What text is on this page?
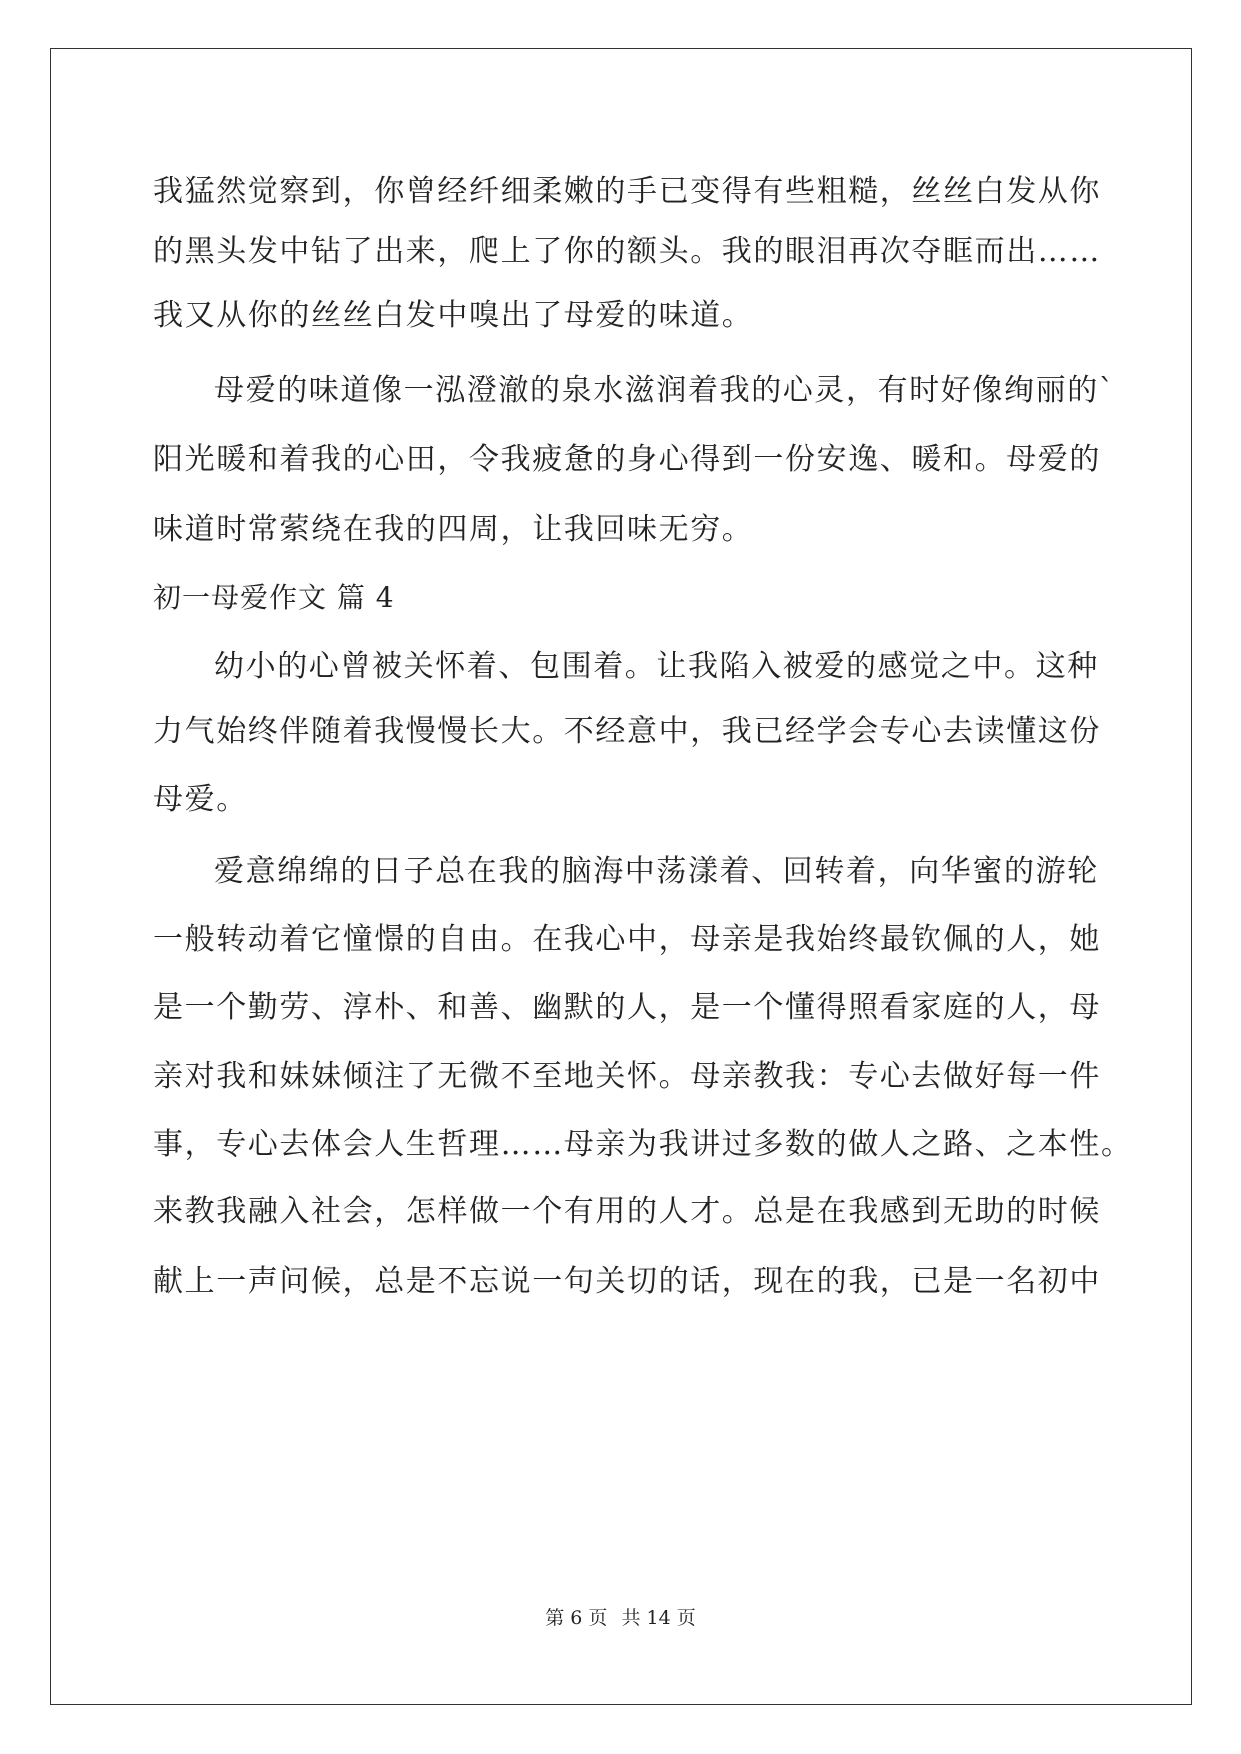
我猛然觉察到，你曾经纤细柔嫩的手已变得有些粗糙，丝丝白发从你
的黑头发中钻了出来，爬上了你的额头。我的眼泪再次夺眶而出……
我又从你的丝丝白发中嗅出了母爱的味道。
母爱的味道像一泓澄澈的泉水滋润着我的心灵，有时好像绚丽的`
阳光暖和着我的心田，令我疲惫的身心得到一份安逸、暖和。母爱的
味道时常萦绕在我的四周，让我回味无穷。
初一母爱作文 篇 4
幼小的心曾被关怀着、包围着。让我陷入被爱的感觉之中。这种
力气始终伴随着我慢慢长大。不经意中，我已经学会专心去读懂这份
母爱。
爱意绵绵的日子总在我的脑海中荡漾着、回转着，向华蜜的游轮
一般转动着它憧憬的自由。在我心中，母亲是我始终最钦佩的人，她
是一个勤劳、淳朴、和善、幽默的人，是一个懂得照看家庭的人，母
亲对我和妹妹倾注了无微不至地关怀。母亲教我：专心去做好每一件
事，专心去体会人生哲理……母亲为我讲过多数的做人之路、之本性。
来教我融入社会，怎样做一个有用的人才。总是在我感到无助的时候
献上一声问候，总是不忘说一句关切的话，现在的我，已是一名初中
第 6 页 共 14 页
